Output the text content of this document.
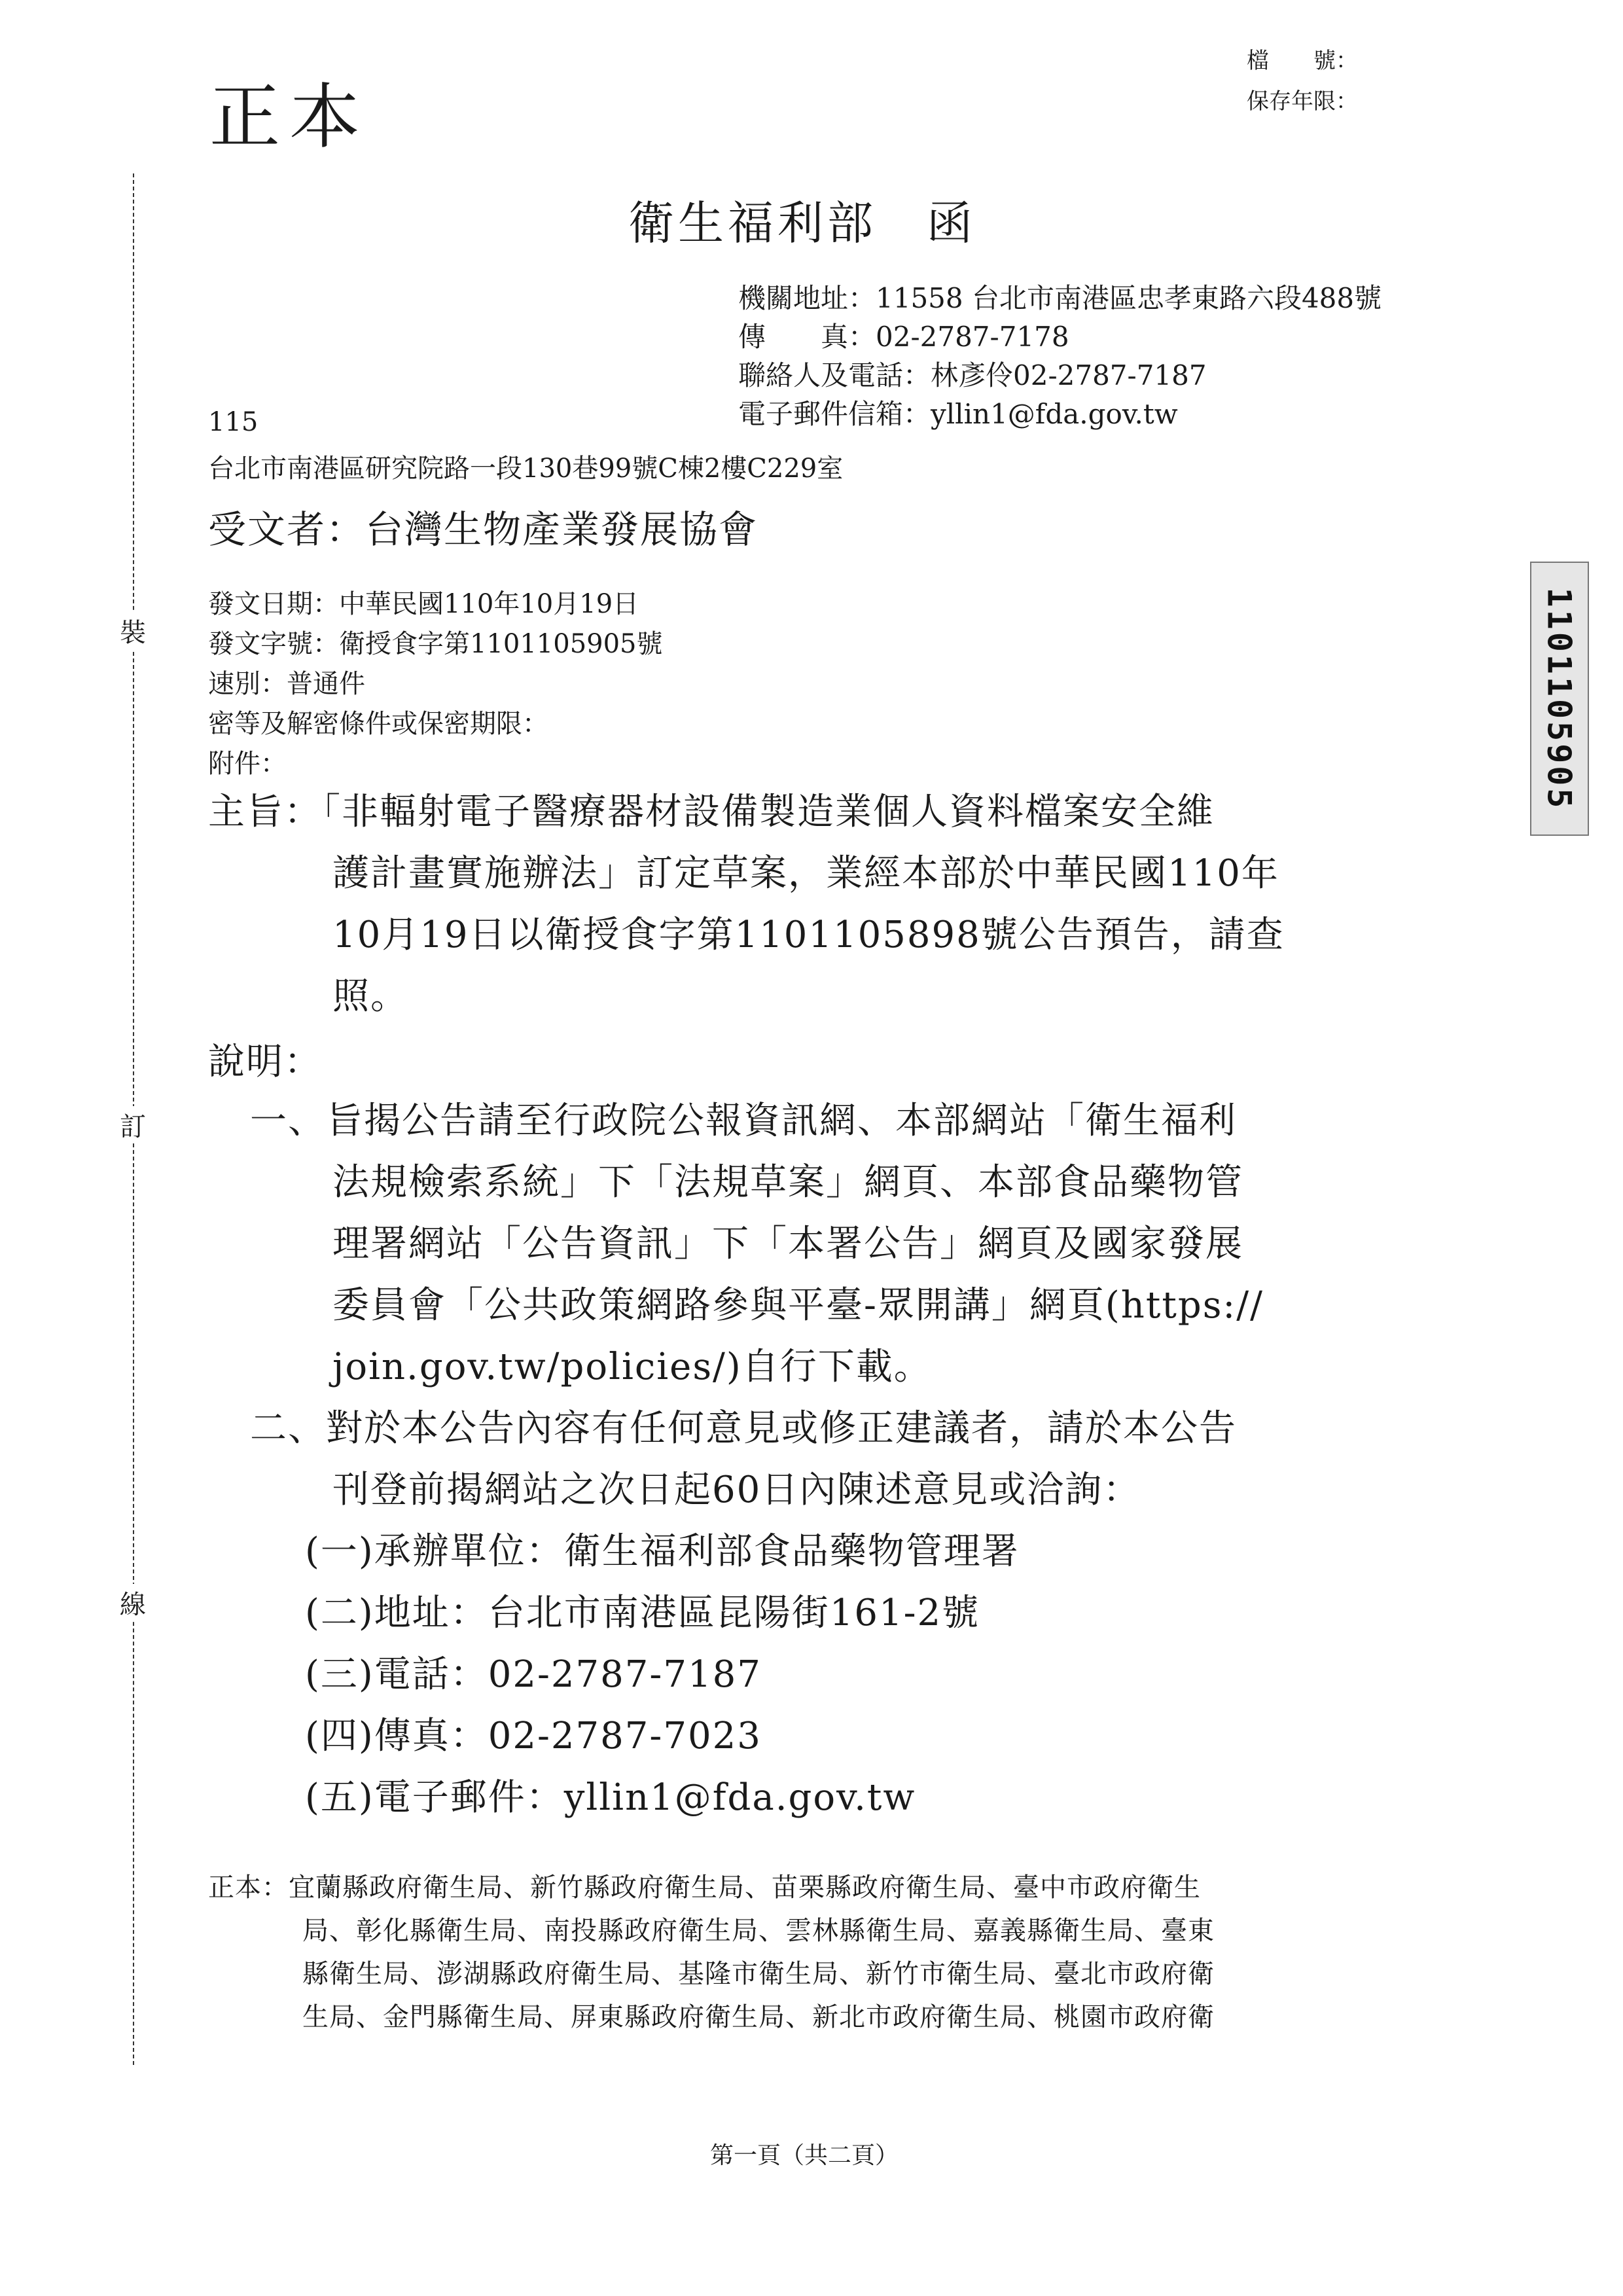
正本
檔　　號：
保存年限：
裝
訂
線
1101105905
衛生福利部　函
機關地址：11558 台北市南港區忠孝東路六段488號
傳　　真：02-2787-7178
聯絡人及電話：林彥伶02-2787-7187
電子郵件信箱：yllin1@fda.gov.tw
115
台北市南港區研究院路一段130巷99號C棟2樓C229室
受文者：台灣生物產業發展協會
發文日期：中華民國110年10月19日
發文字號：衛授食字第1101105905號
速別：普通件
密等及解密條件或保密期限：
附件：
主旨：「非輻射電子醫療器材設備製造業個人資料檔案安全維
護計畫實施辦法」訂定草案，業經本部於中華民國110年
10月19日以衛授食字第1101105898號公告預告，請查
照。
說明：
一、旨揭公告請至行政院公報資訊網、本部網站「衛生福利
法規檢索系統」下「法規草案」網頁、本部食品藥物管
理署網站「公告資訊」下「本署公告」網頁及國家發展
委員會「公共政策網路參與平臺-眾開講」網頁(https://
join.gov.tw/policies/)自行下載。
二、對於本公告內容有任何意見或修正建議者，請於本公告
刊登前揭網站之次日起60日內陳述意見或洽詢：
(一)承辦單位：衛生福利部食品藥物管理署
(二)地址：台北市南港區昆陽街161-2號
(三)電話：02-2787-7187
(四)傳真：02-2787-7023
(五)電子郵件：yllin1@fda.gov.tw
正本：宜蘭縣政府衛生局、新竹縣政府衛生局、苗栗縣政府衛生局、臺中市政府衛生
局、彰化縣衛生局、南投縣政府衛生局、雲林縣衛生局、嘉義縣衛生局、臺東
縣衛生局、澎湖縣政府衛生局、基隆市衛生局、新竹市衛生局、臺北市政府衛
生局、金門縣衛生局、屏東縣政府衛生局、新北市政府衛生局、桃園市政府衛
第一頁（共二頁）
